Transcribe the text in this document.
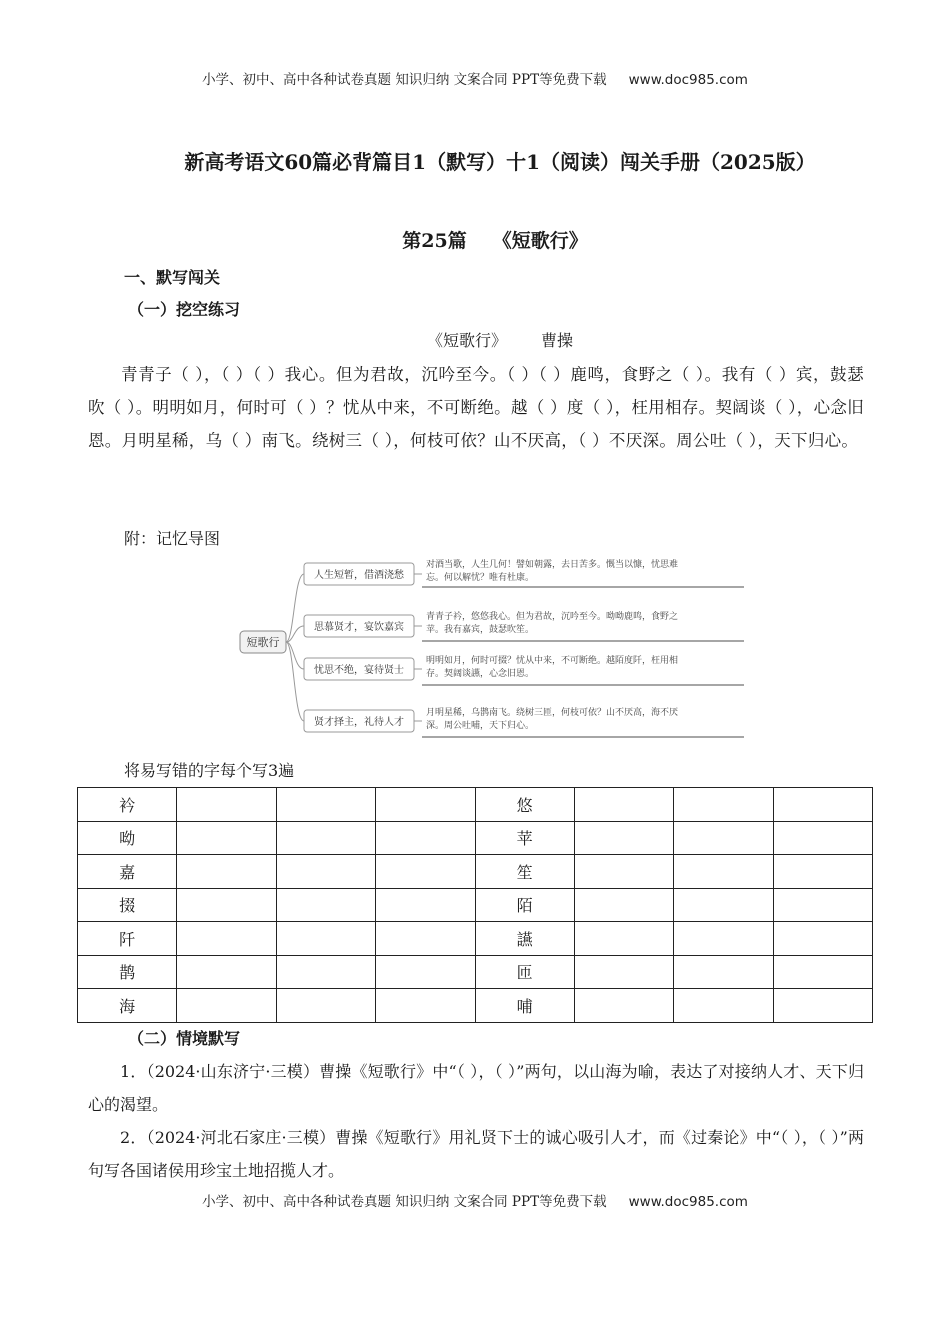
小学、初中、高中各种试卷真题 知识归纳 文案合同 PPT等免费下载 www.doc985.com
新高考语文60篇必背篇目1（默写）十1（阅读）闯关手册（2025版）
第25篇 《短歌行》
一、默写闯关
（一）挖空练习
《短歌行》 曹操
青青子（ ），（ ）（ ）我心。但为君故，沉吟至今。（ ）（ ）鹿鸣，食野之（ ）。我有（ ）宾，鼓瑟吹（ ）。明明如月，何时可（ ）？忧从中来，不可断绝。越（ ）度（ ），枉用相存。契阔谈（ ），心念旧恩。月明星稀，乌（ ）南飞。绕树三（ ），何枝可依？山不厌高，（ ）不厌深。周公吐（ ），天下归心。
附：记忆导图
短歌行
人生短暂，借酒浇愁
对酒当歌，人生几何！譬如朝露，去日苦多。慨当以慷，忧思难
忘。何以解忧？唯有杜康。
思慕贤才，宴饮嘉宾
青青子衿，悠悠我心。但为君故，沉吟至今。呦呦鹿鸣，食野之
苹。我有嘉宾，鼓瑟吹笙。
忧思不绝，宴待贤士
明明如月，何时可掇？忧从中来，不可断绝。越陌度阡，枉用相
存。契阔谈讌，心念旧恩。
贤才择主，礼待人才
月明星稀，乌鹊南飞。绕树三匝，何枝可依？山不厌高，海不厌
深。周公吐哺，天下归心。
将易写错的字每个写3遍
衿				悠			
呦				苹			
嘉				笙			
掇				陌			
阡				讌			
鹊				匝			
海				哺			
（二）情境默写
1．（2024·山东济宁·三模）曹操《短歌行》中“（ ），（ ）”两句，以山海为喻，表达了对接纳人才、天下归心的渴望。
2．（2024·河北石家庄·三模）曹操《短歌行》用礼贤下士的诚心吸引人才，而《过秦论》中“（ ），（ ）”两句写各国诸侯用珍宝土地招揽人才。
小学、初中、高中各种试卷真题 知识归纳 文案合同 PPT等免费下载 www.doc985.com
